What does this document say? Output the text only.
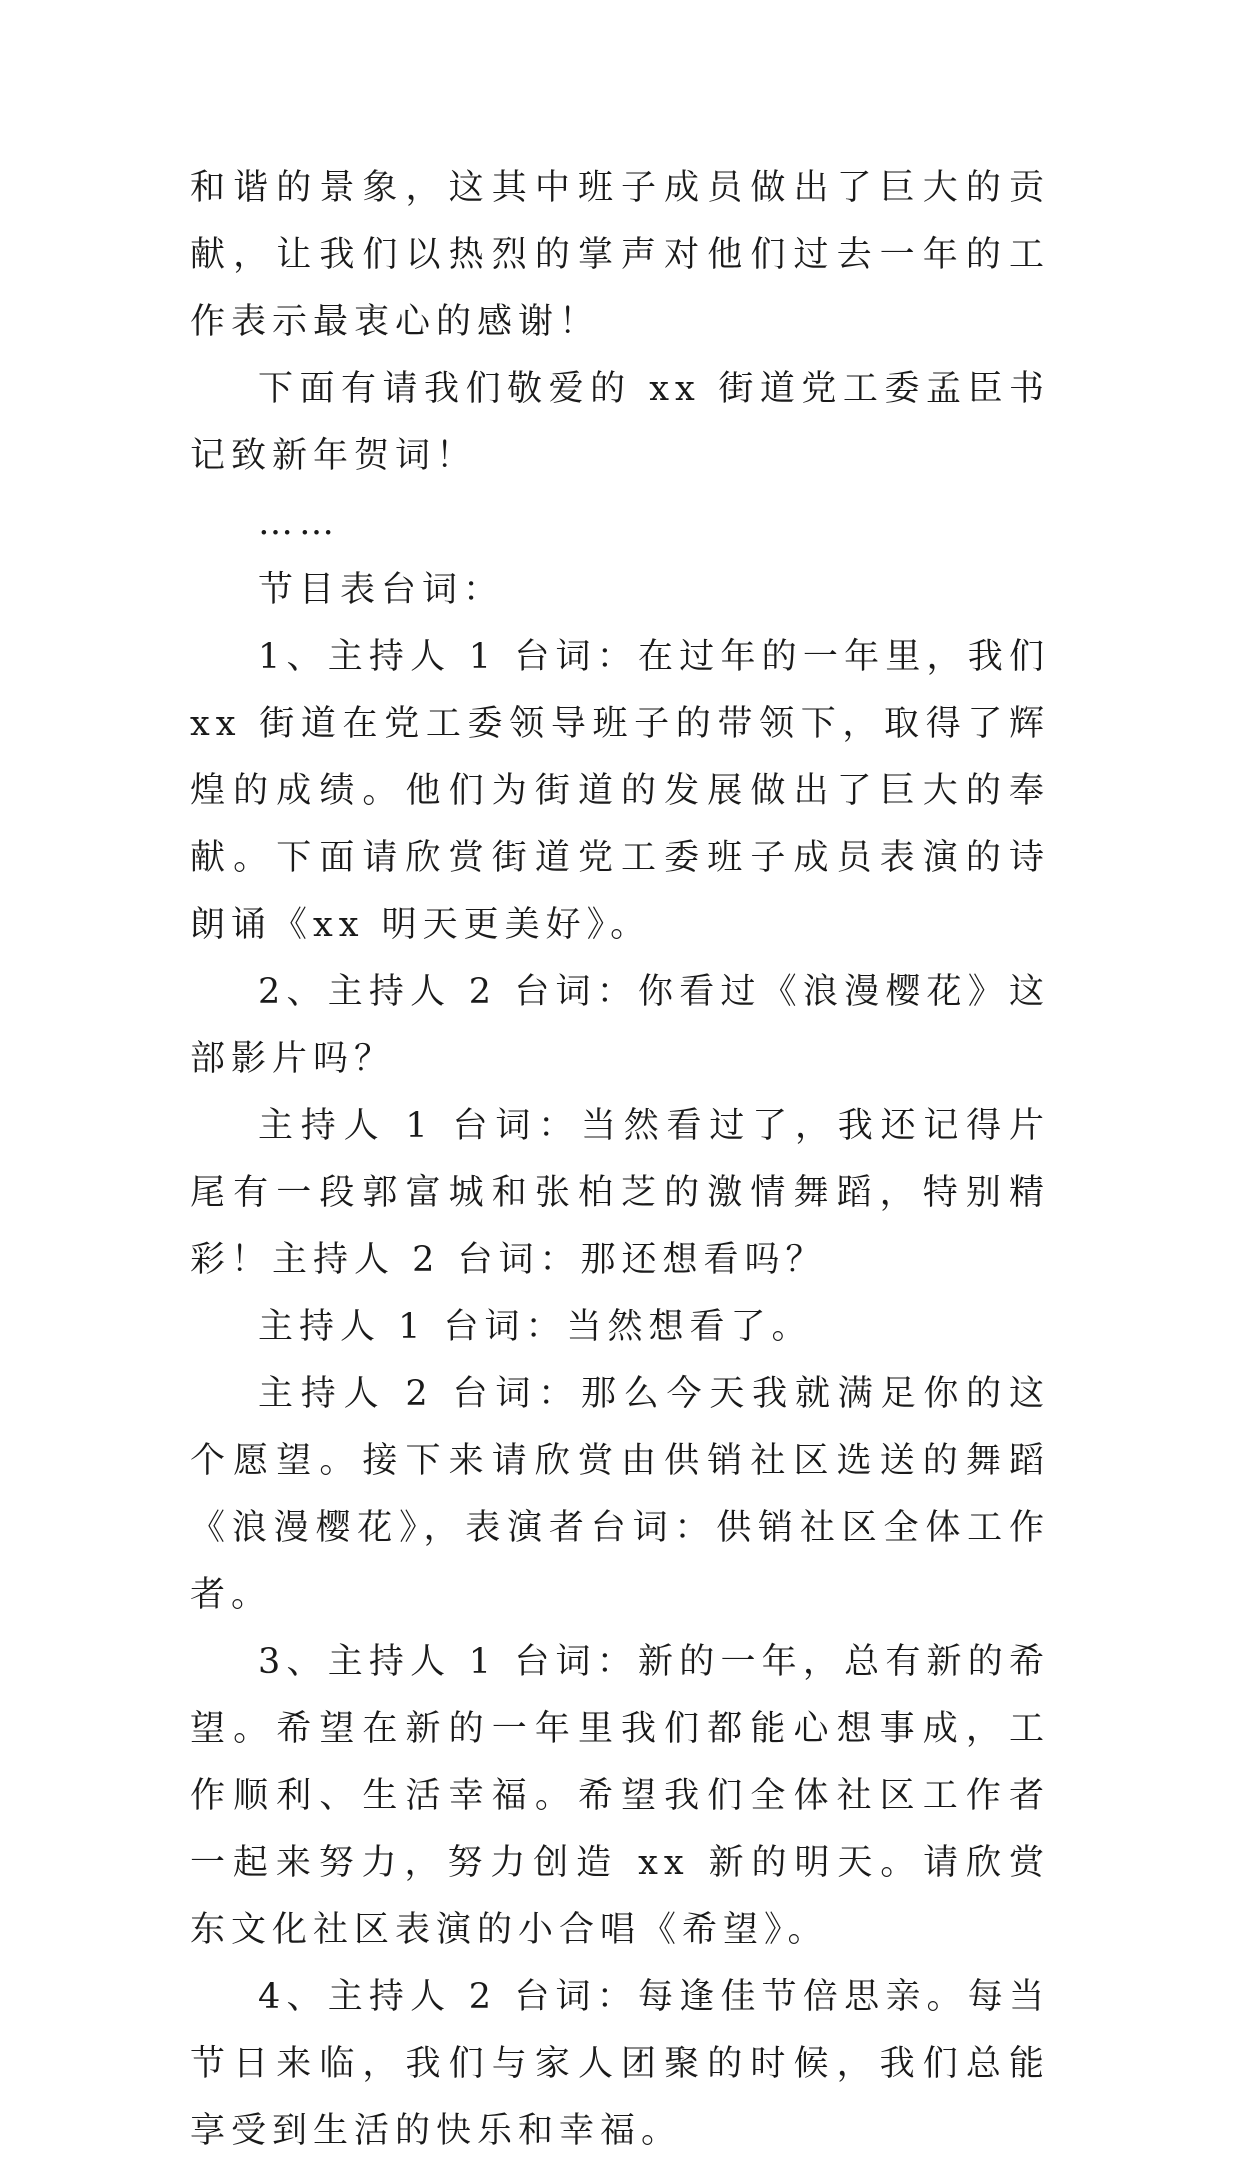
和谐的景象，这其中班子成员做出了巨大的贡献，让我们以热烈的掌声对他们过去一年的工作表示最衷心的感谢！

下面有请我们敬爱的 xx 街道党工委孟臣书记致新年贺词！

……

节目表台词：

1、主持人 1 台词：在过年的一年里，我们 xx 街道在党工委领导班子的带领下，取得了辉煌的成绩。他们为街道的发展做出了巨大的奉献。下面请欣赏街道党工委班子成员表演的诗朗诵《xx 明天更美好》。

2、主持人 2 台词：你看过《浪漫樱花》这部影片吗？

主持人 1 台词：当然看过了，我还记得片尾有一段郭富城和张柏芝的激情舞蹈，特别精彩！主持人 2 台词：那还想看吗？

主持人 1 台词：当然想看了。

主持人 2 台词：那么今天我就满足你的这个愿望。接下来请欣赏由供销社区选送的舞蹈《浪漫樱花》，表演者台词：供销社区全体工作者。

3、主持人 1 台词：新的一年，总有新的希望。希望在新的一年里我们都能心想事成，工作顺利、生活幸福。希望我们全体社区工作者一起来努力，努力创造 xx 新的明天。请欣赏东文化社区表演的小合唱《希望》。

4、主持人 2 台词：每逢佳节倍思亲。每当节日来临，我们与家人团聚的时候，我们总能享受到生活的快乐和幸福。
